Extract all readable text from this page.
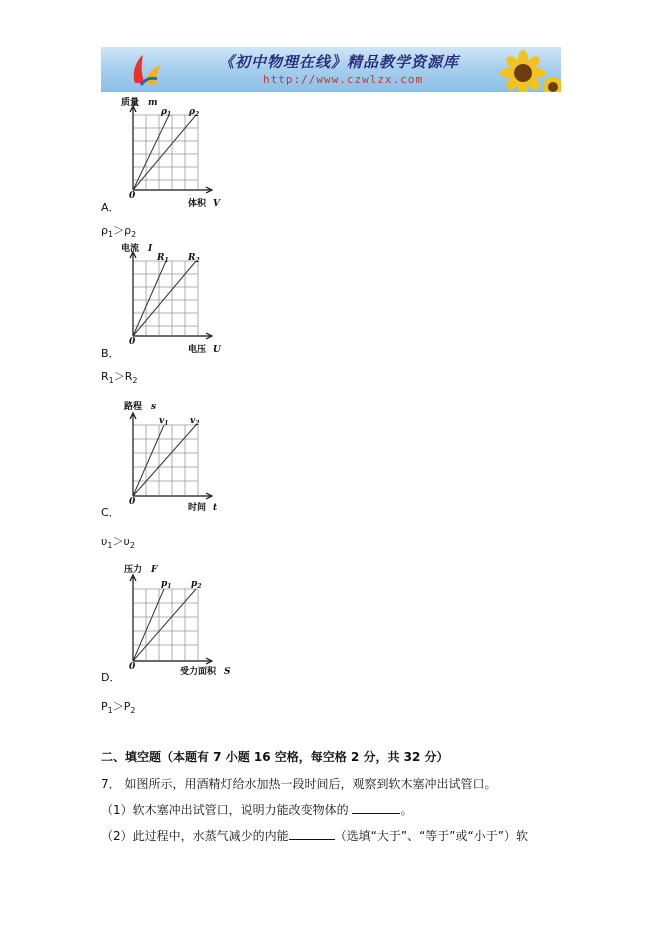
《初中物理在线》精品教学资源库
http://www.czwlzx.com
质量 m
$\rho_1$ $\rho_2$
0
体积 V
A．
$\rho_1>\rho_2$
电流 I
$R_1$ $R_2$
0
电压 U
B．
$R_1>R_2$
路程 s
$v_1$ $v_2$
0
时间 t
C．
$\upsilon_1>\upsilon_2$
压力 F
$p_1$ $p_2$
0	受力面积 S
D．
$P_1>P_2$
二、填空题（本题有 7 小题 16 空格，每空格 2 分，共 32 分）
7． 如图所示，用酒精灯给水加热一段时间后，观察到软木塞冲出试管口。
（1）软木塞冲出试管口，说明力能改变物体的	。
（2）此过程中，水蒸气减少的内能	（选填“大于”、“等于”或“小于”）软
